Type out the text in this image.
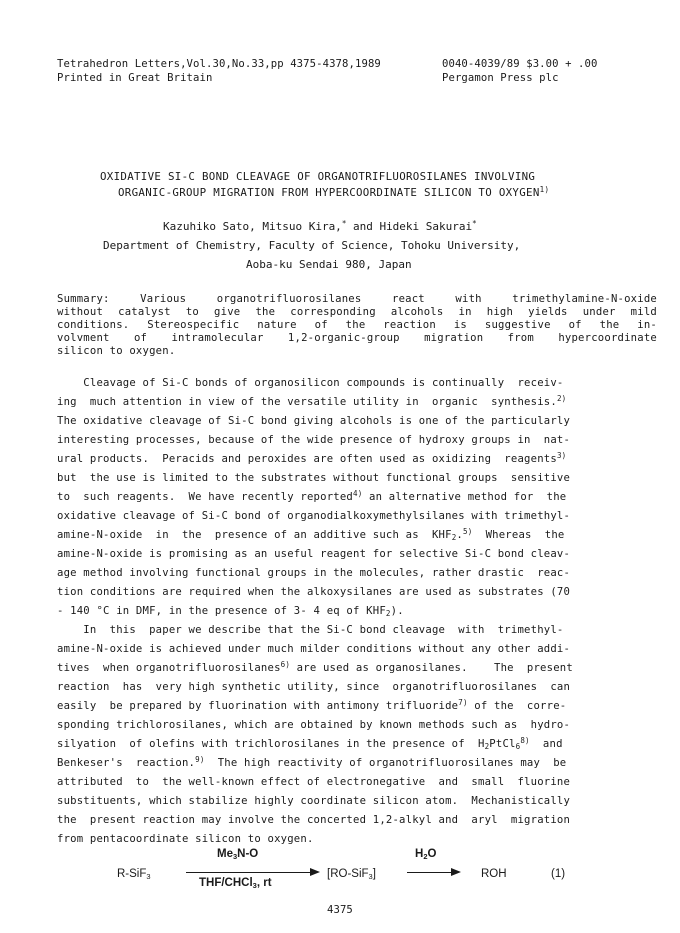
Tetrahedron Letters,Vol.30,No.33,pp 4375-4378,1989	0040-4039/89 $3.00 + .00
Printed in Great Britain	Pergamon Press plc
OXIDATIVE SI-C BOND CLEAVAGE OF ORGANOTRIFLUOROSILANES INVOLVING
ORGANIC-GROUP MIGRATION FROM HYPERCOORDINATE SILICON TO OXYGEN$^{1)}$
Kazuhiko Sato, Mitsuo Kira,* and Hideki Sakurai*
Department of Chemistry, Faculty of Science, Tohoku University,
Aoba-ku Sendai 980, Japan
Summary: Various organotrifluorosilanes react with trimethylamine-N-oxide
without catalyst to give the corresponding alcohols in high yields under mild
conditions. Stereospecific nature of the reaction is suggestive of the in-
volvment of intramolecular 1,2-organic-group migration from hypercoordinate
silicon to oxygen.
Cleavage of Si-C bonds of organosilicon compounds is continually  receiv-
ing  much attention in view of the versatile utility in  organic  synthesis.$^{2)}$
The oxidative cleavage of Si-C bond giving alcohols is one of the particularly
interesting processes, because of the wide presence of hydroxy groups in  nat-
ural products.  Peracids and peroxides are often used as oxidizing  reagents$^{3)}$
but  the use is limited to the substrates without functional groups  sensitive
to  such reagents.  We have recently reported$^{4)}$ an alternative method for  the
oxidative cleavage of Si-C bond of organodialkoxymethylsilanes with trimethyl-
amine-N-oxide  in  the  presence of an additive such as  $KHF_2.^{5)}$  Whereas  the
amine-N-oxide is promising as an useful reagent for selective Si-C bond cleav-
age method involving functional groups in the molecules, rather drastic  reac-
tion conditions are required when the alkoxysilanes are used as substrates (70
- 140 °C in DMF, in the presence of 3- 4 eq of $KHF_2$).
In  this  paper we describe that the Si-C bond cleavage  with  trimethyl-
amine-N-oxide is achieved under much milder conditions without any other addi-
tives  when organotrifluorosilanes$^{6)}$ are used as organosilanes.    The  present
reaction  has  very high synthetic utility, since  organotrifluorosilanes  can
easily  be prepared by fluorination with antimony trifluoride$^{7)}$ of the  corre-
sponding trichlorosilanes, which are obtained by known methods such as  hydro-
silyation  of olefins with trichlorosilanes in the presence of  $H_2PtCl_6^{8)}$  and
Benkeser's  reaction.$^{9)}$  The high reactivity of organotrifluorosilanes may  be
attributed  to  the well-known effect of electronegative  and  small  fluorine
substituents, which stabilize highly coordinate silicon atom.  Mechanistically
the  present reaction may involve the concerted 1,2-alkyl and  aryl  migration
from pentacoordinate silicon to oxygen.
R-SiF$_3$
$Me_3N-O$
THF/CHCl$_3$, rt
[RO-SiF$_3$]
$H_2O$
ROH	(1)
4375
